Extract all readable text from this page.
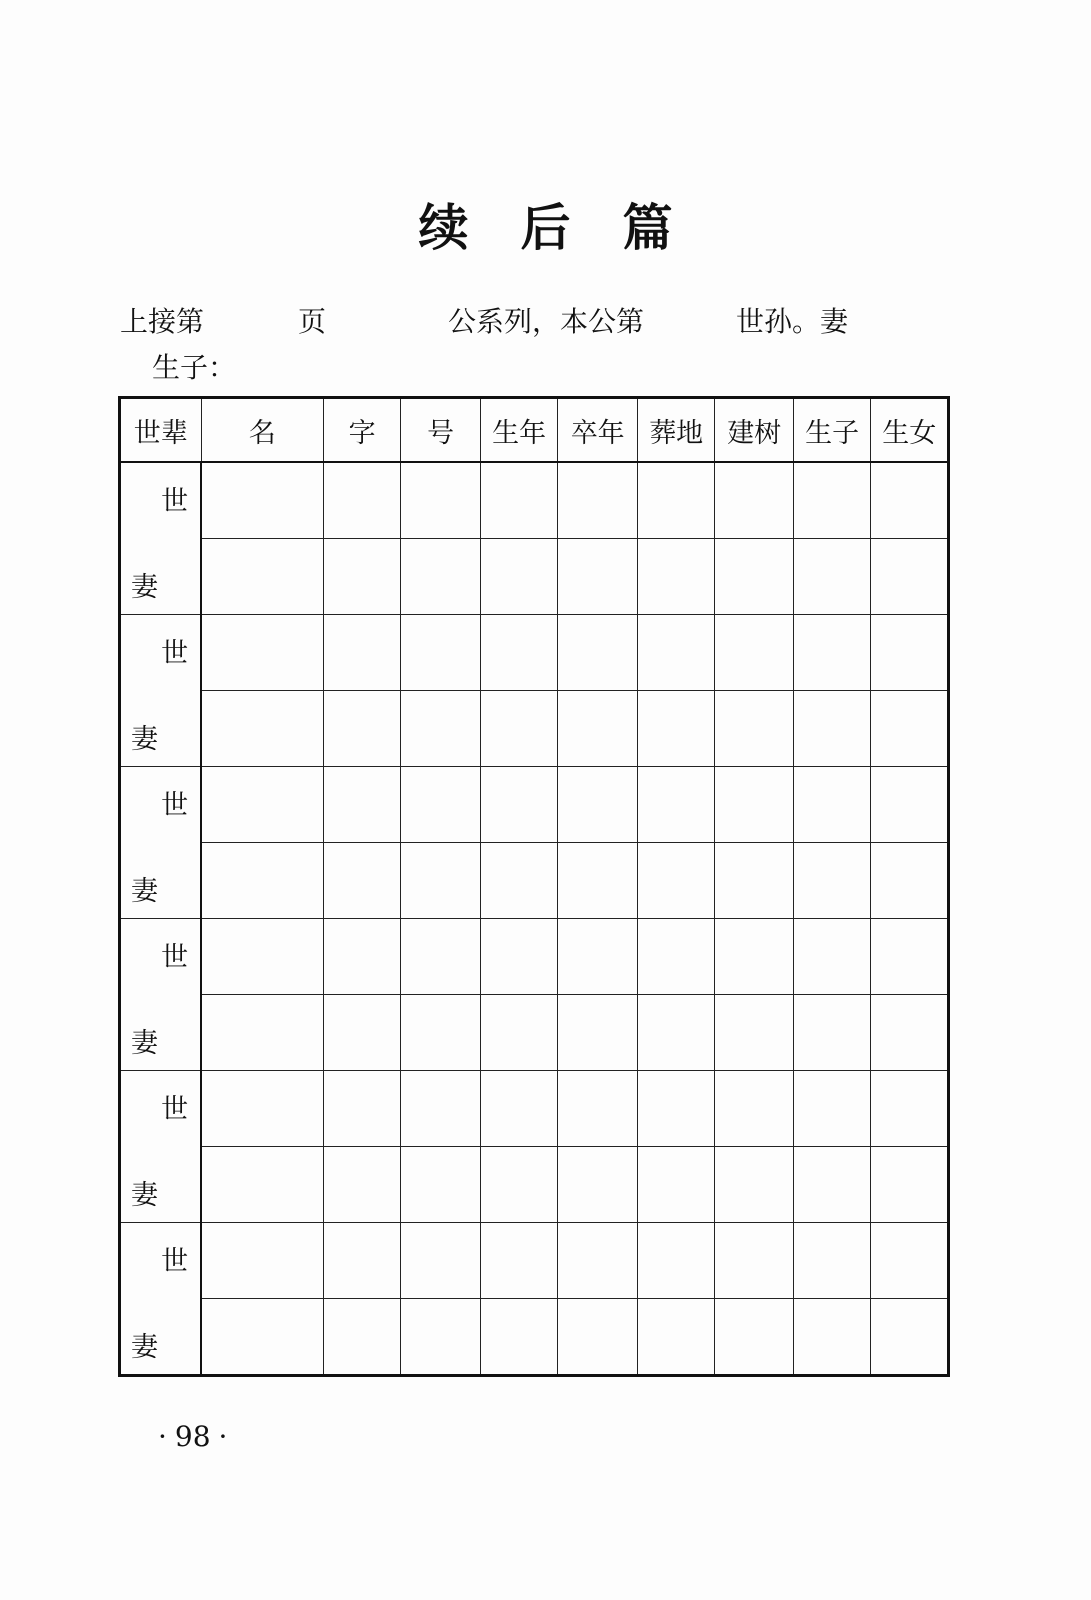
续后篇
上接第	页	公系列，本公第	世孙。妻
生子：
世辈	名	字	号	生年	卒年	葬地	建树	生子	生女

世
妻									

世
妻									

世
妻									

世
妻									

世
妻									

世
妻									

· 98 ·
